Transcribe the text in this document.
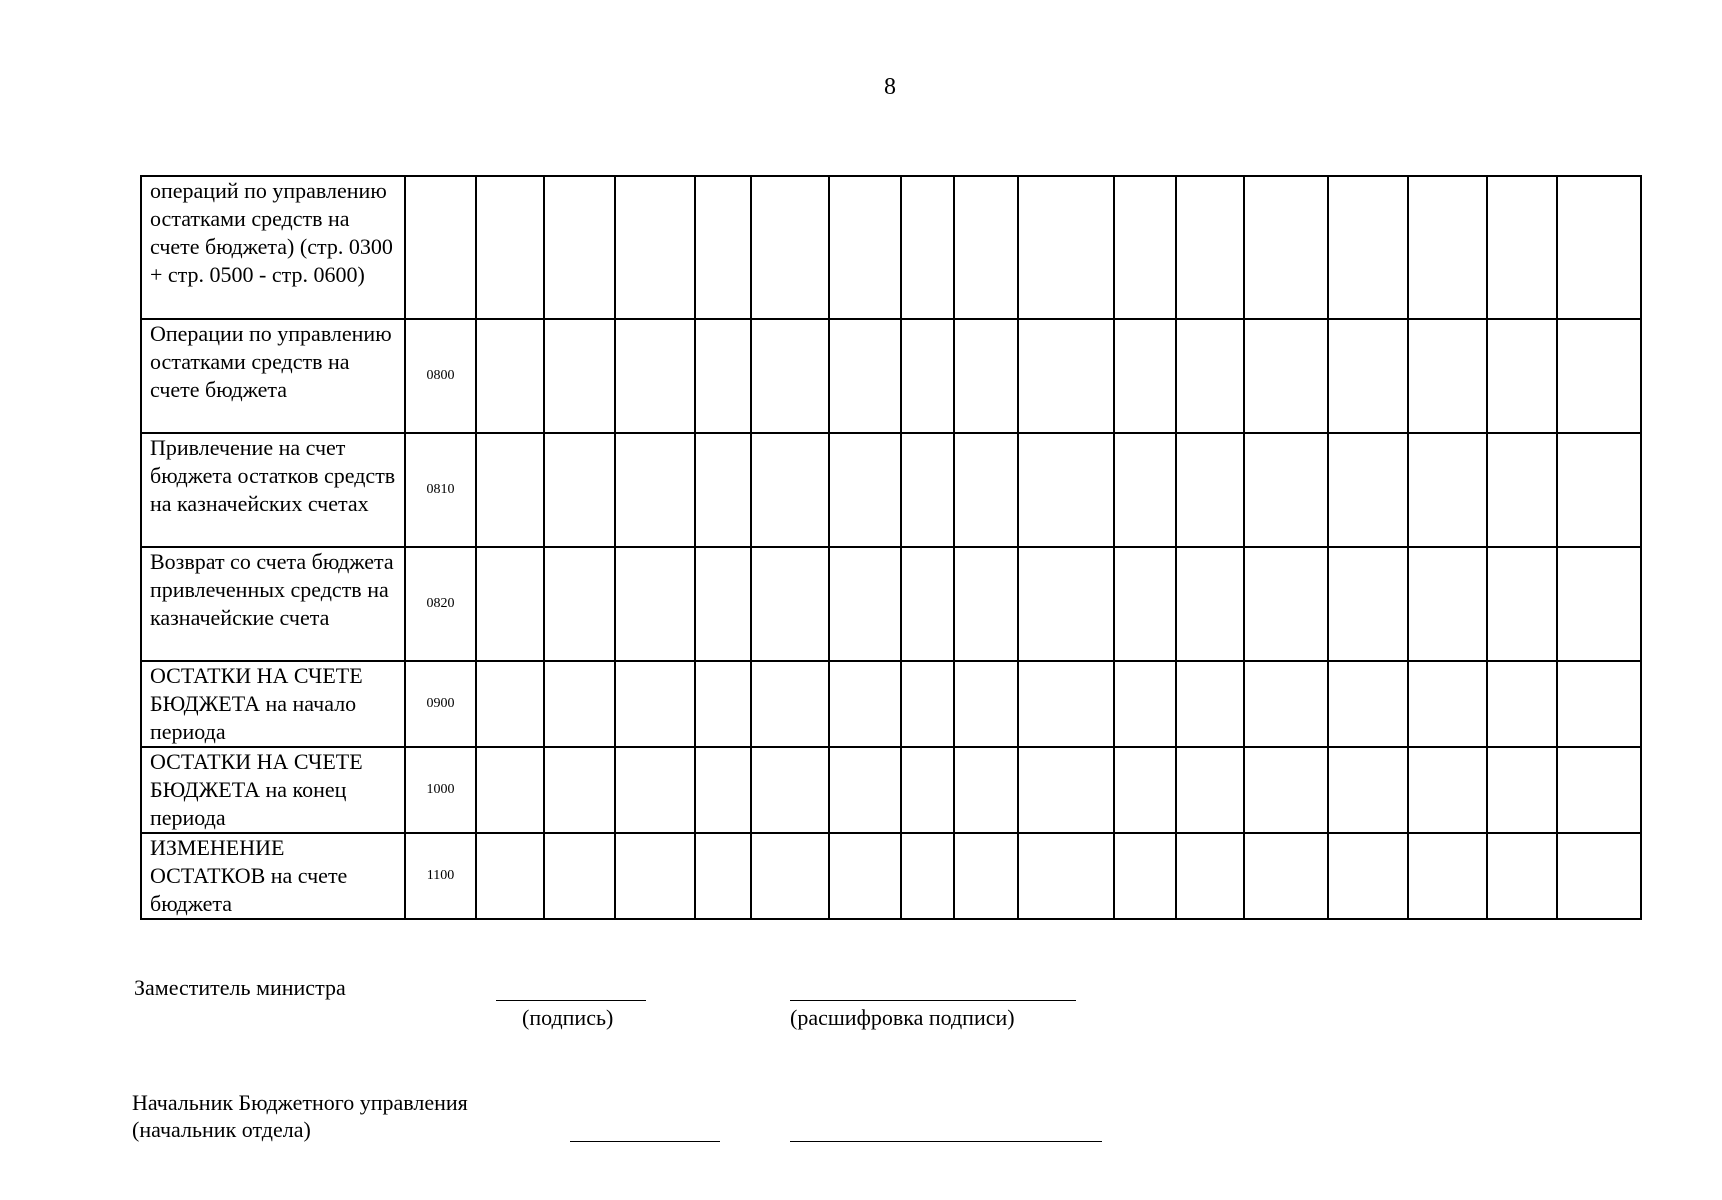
8
операций по управлению остатками средств на счете бюджета) (стр. 0300 + стр. 0500 - стр. 0600)																	
Операции по управлению остатками средств на счете бюджета	0800																
Привлечение на счет бюджета остатков средств на казначейских счетах	0810																
Возврат со счета бюджета привлеченных средств на казначейские счета	0820																
ОСТАТКИ НА СЧЕТЕ БЮДЖЕТА на начало периода	0900																
ОСТАТКИ НА СЧЕТЕ БЮДЖЕТА на конец периода	1000																
ИЗМЕНЕНИЕ ОСТАТКОВ на счете бюджета	1100																
Заместитель министра
(подпись)	(расшифровка подписи)
Начальник Бюджетного управления
(начальник отдела)
